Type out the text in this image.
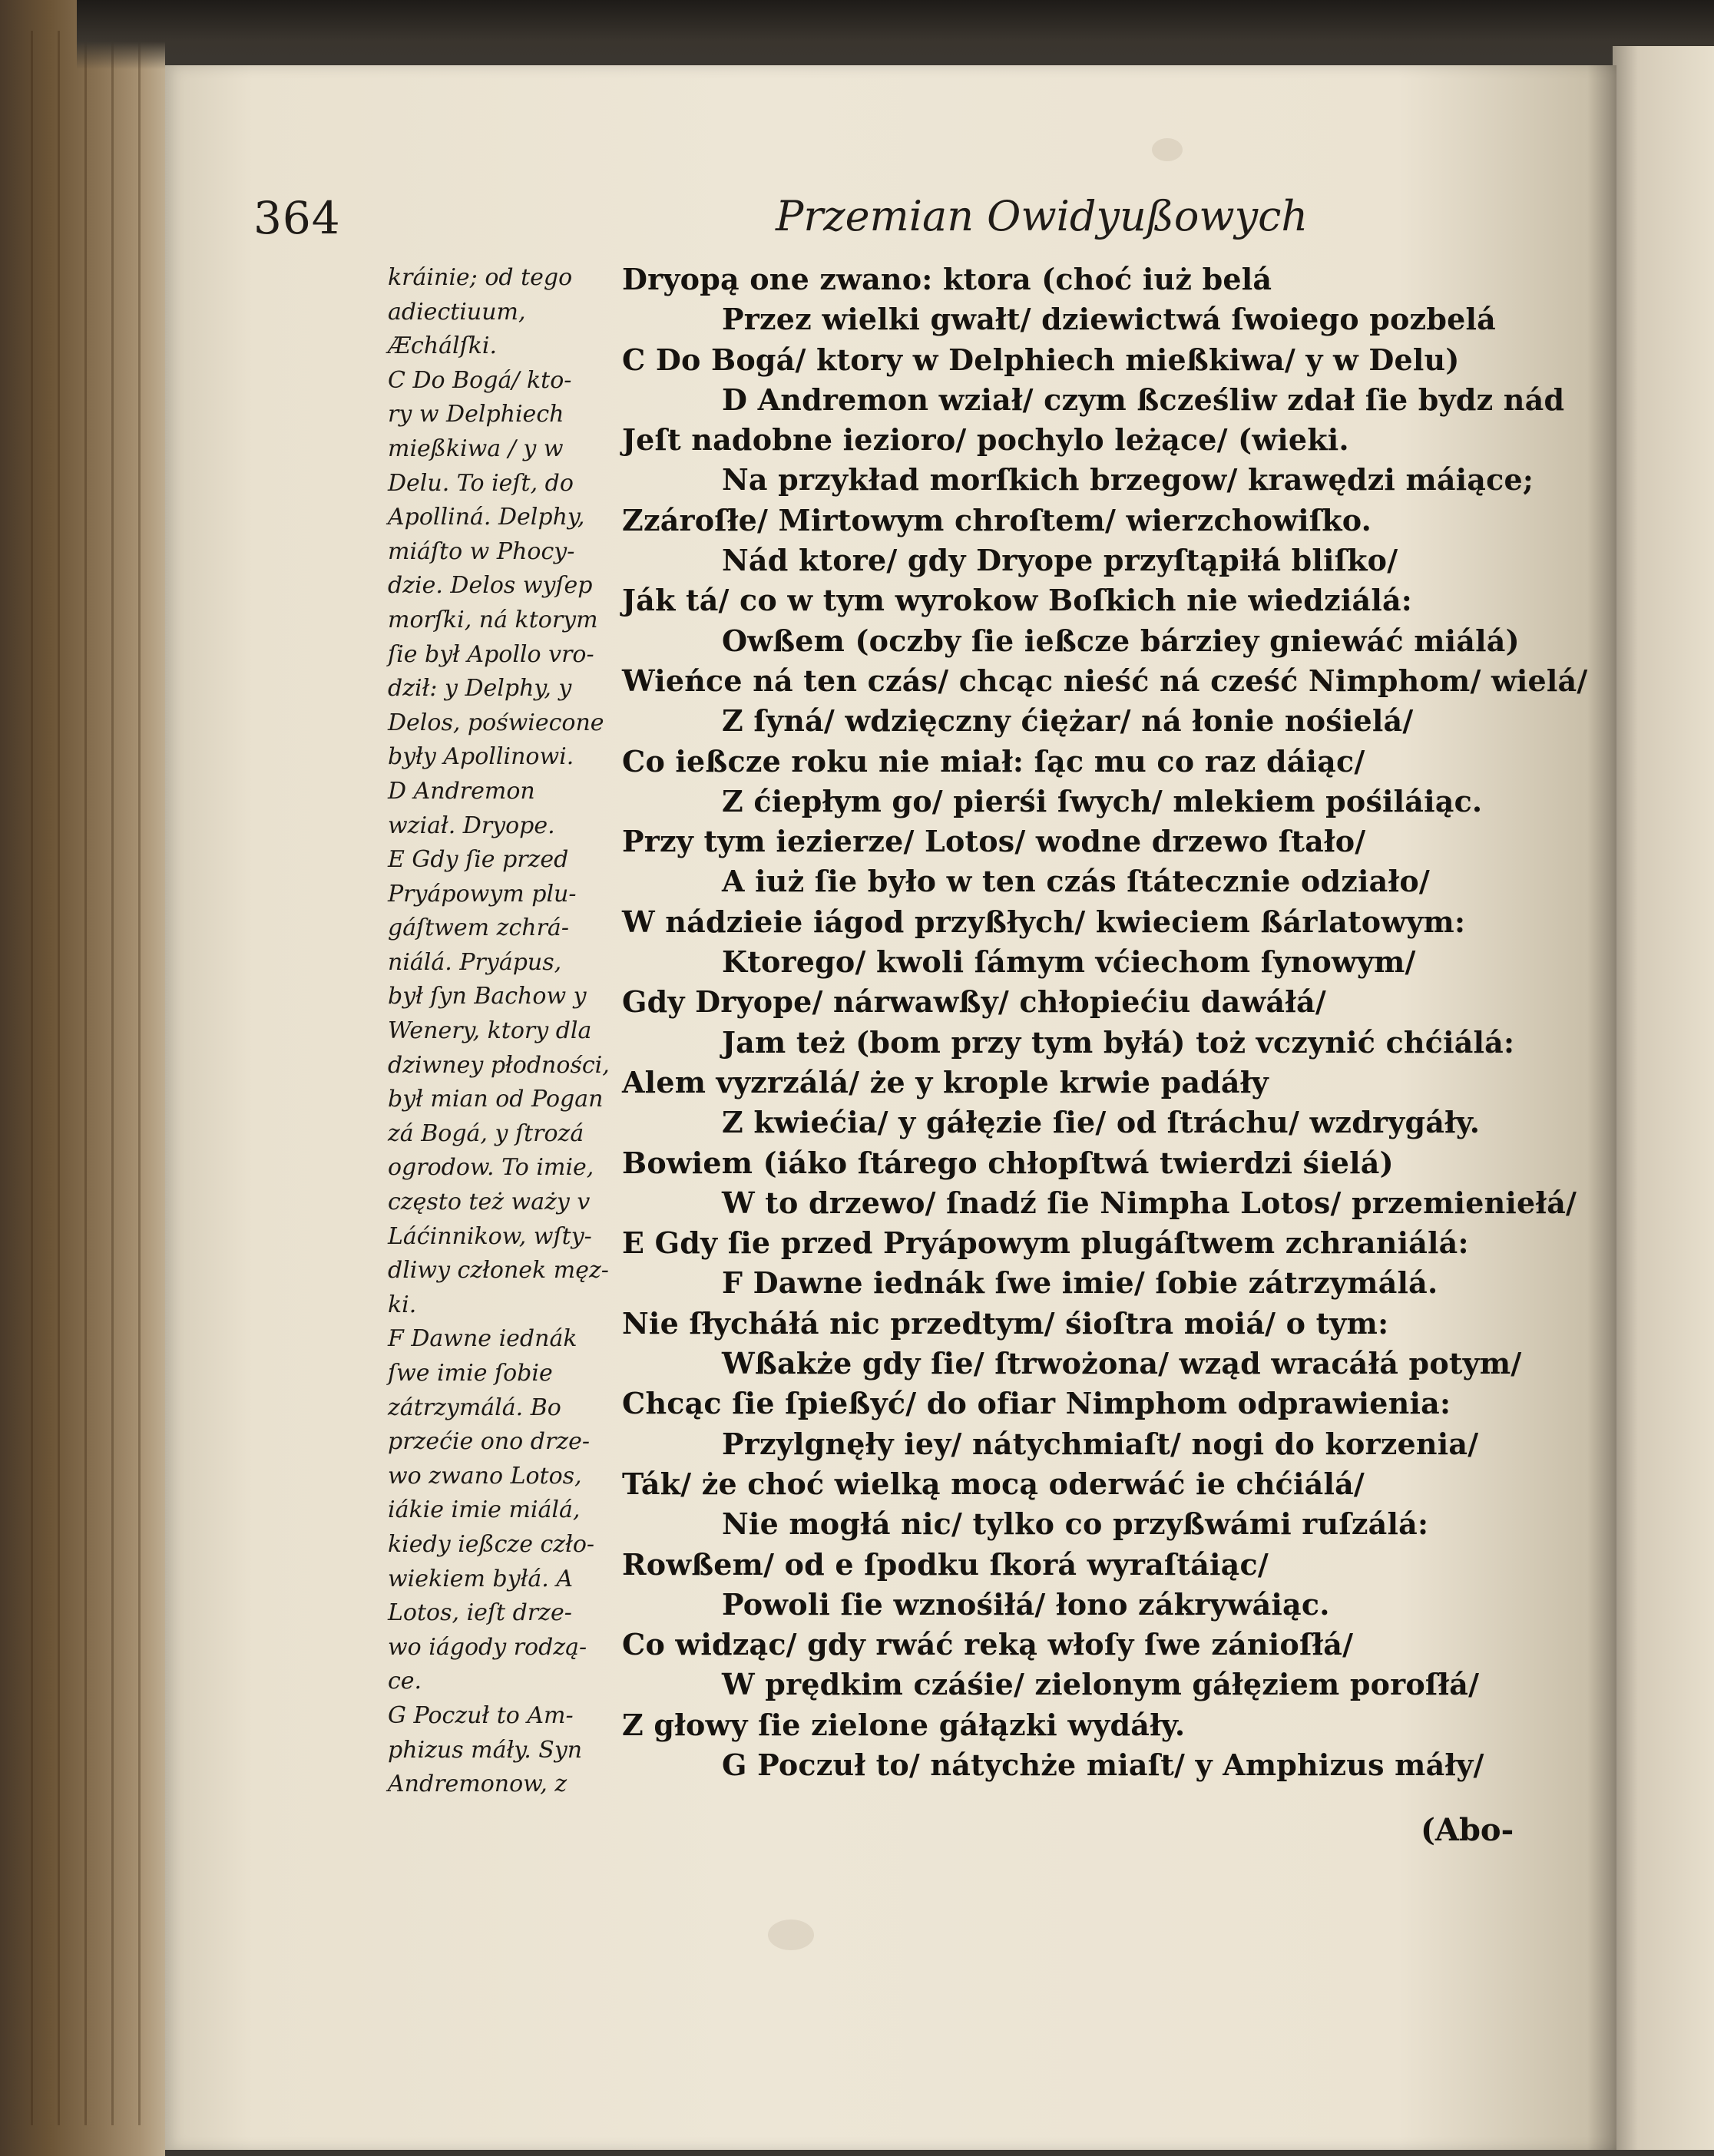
364	Przemian Owidyußowych
kráinie; od tego
adiectiuum,
Æchálſki.
C Do Bogá/ kto-
ry w Delphiech
mießkiwa / y w
Delu. To ieſt, do
Apolliná. Delphy,
miáſto w Phocy-
dzie. Delos wyſep
morſki, ná ktorym
ſie był Apollo vro-
dził: y Delphy, y
Delos, poświecone
były Apollinowi.
D Andremon
wział. Dryope.
E Gdy ſie przed
Pryápowym plu-
gáſtwem zchrá-
niálá. Pryápus,
był ſyn Bachow y
Wenery, ktory dla
dziwney płodności,
był mian od Pogan
zá Bogá, y ſtrozá
ogrodow. To imie,
często też waży v
Láćinnikow, wſty-
dliwy członek męz-
ki.
F Dawne iednák
ſwe imie ſobie
zátrzymálá. Bo
przećie ono drze-
wo zwano Lotos,
iákie imie miálá,
kiedy ießcze czło-
wiekiem byłá. A
Lotos, ieſt drze-
wo iágody rodzą-
ce.
G Poczuł to Am-
phizus máły. Syn
Andremonow, z
Dryopą one zwano: ktora (choć iuż belá
Przez wielki gwałt/ dziewictwá ſwoiego pozbelá
C Do Bogá/ ktory w Delphiech mießkiwa/ y w Delu)
D Andremon wział/ czym ßcześliw zdał ſie bydz nád
Jeſt nadobne iezioro/ pochylo leżące/ (wieki.
Na przykład morſkich brzegow/ krawędzi máiące;
Zzároſłe/ Mirtowym chroſtem/ wierzchowiſko.
Nád ktore/ gdy Dryope przyſtąpiłá bliſko/
Ják tá/ co w tym wyrokow Boſkich nie wiedziálá:
Owßem (oczby ſie ießcze bárziey gniewáć miálá)
Wieńce ná ten czás/ chcąc nieść ná cześć Nimphom/ wielá/
Z ſyná/ wdzięczny ćiężar/ ná łonie nośielá/
Co ießcze roku nie miał: ſąc mu co raz dáiąc/
Z ćiepłym go/ pierśi ſwych/ mlekiem pośiláiąc.
Przy tym iezierze/ Lotos/ wodne drzewo ſtało/
A iuż ſie było w ten czás ſtátecznie odziało/
W nádzieie iágod przyßłych/ kwieciem ßárlatowym:
Ktorego/ kwoli ſámym vćiechom ſynowym/
Gdy Dryope/ nárwawßy/ chłopiećiu dawáłá/
Jam też (bom przy tym byłá) toż vczynić chćiálá:
Alem vyzrzálá/ że y krople krwie padáły
Z kwiećia/ y gáłęzie ſie/ od ſtráchu/ wzdrygáły.
Bowiem (iáko ſtárego chłopſtwá twierdzi śielá)
W to drzewo/ ſnadź ſie Nimpha Lotos/ przemieniełá/
E Gdy ſie przed Pryápowym plugáſtwem zchraniálá:
F Dawne iednák ſwe imie/ ſobie zátrzymálá.
Nie ſłycháłá nic przedtym/ śioſtra moiá/ o tym:
Wßakże gdy ſie/ ſtrwożona/ wząd wracáłá potym/
Chcąc ſie ſpießyć/ do ofiar Nimphom odprawienia:
Przylgnęły iey/ nátychmiaſt/ nogi do korzenia/
Ták/ że choć wielką mocą oderwáć ie chćiálá/
Nie mogłá nic/ tylko co przyßwámi ruſzálá:
Rowßem/ od e ſpodku ſkorá wyraſtáiąc/
Powoli ſie wznośiłá/ łono zákrywáiąc.
Co widząc/ gdy rwáć reką włoſy ſwe zánioſłá/
W prędkim czáśie/ zielonym gáłęziem poroſłá/
Z głowy ſie zielone gáłązki wydáły.
G Poczuł to/ nátychże miaſt/ y Amphizus máły/
(Abo-
